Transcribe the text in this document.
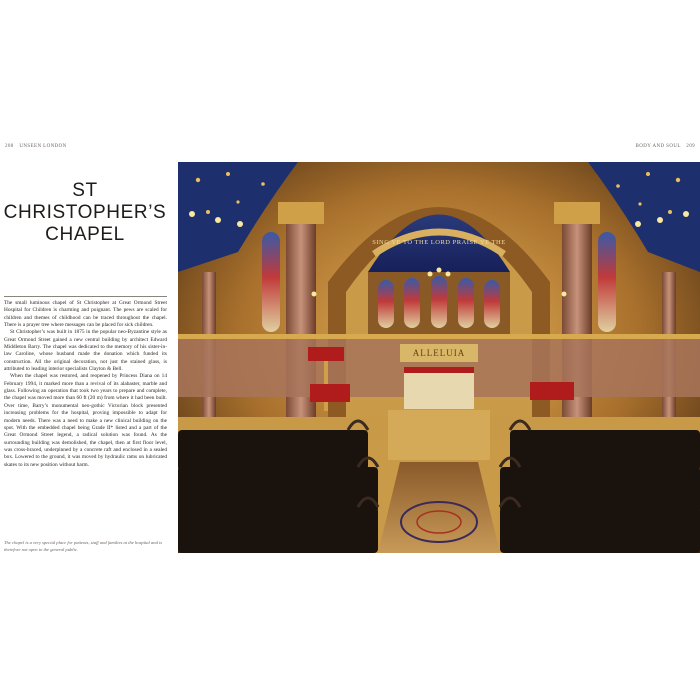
208 UNSEEN LONDON	BODY AND SOUL 209
ST
CHRISTOPHER’S
CHAPEL

The small luminous chapel of St Christopher at Great Ormond Street Hospital for Children is charming and poignant. The pews are scaled for children and themes of childhood can be traced throughout the chapel. There is a prayer tree where messages can be placed for sick children.

St Christopher’s was built in 1875 in the popular neo-Byzantine style as Great Ormond Street gained a new central building by architect Edward Middleton Barry. The chapel was dedicated to the memory of his sister-in-law Caroline, whose husband made the donation which funded its construction. All the original decoration, not just the stained glass, is attributed to leading interior specialists Clayton & Bell.

When the chapel was restored, and reopened by Princess Diana on 14 February 1994, it marked more than a revival of its alabaster, marble and glass. Following an operation that took two years to prepare and complete, the chapel was moved more than 60 ft (20 m) from where it had been built. Over time, Barry’s monumental neo-gothic Victorian block presented increasing problems for the hospital, proving impossible to adapt for modern needs. There was a need to make a new clinical building on the spot. With the embedded chapel being Grade II* listed and a part of the Great Ormond Street legend, a radical solution was found. As the surrounding building was demolished, the chapel, then at first floor level, was cross-braced, underpinned by a concrete raft and enclosed in a sealed box. Lowered to the ground, it was moved by hydraulic rams on lubricated skates to its new position without harm.

The chapel is a very special place for patients, staff and families at the hospital and is therefore not open to the general public.
SING YE TO THE LORD PRAISE YE THE
ALLELUIA
